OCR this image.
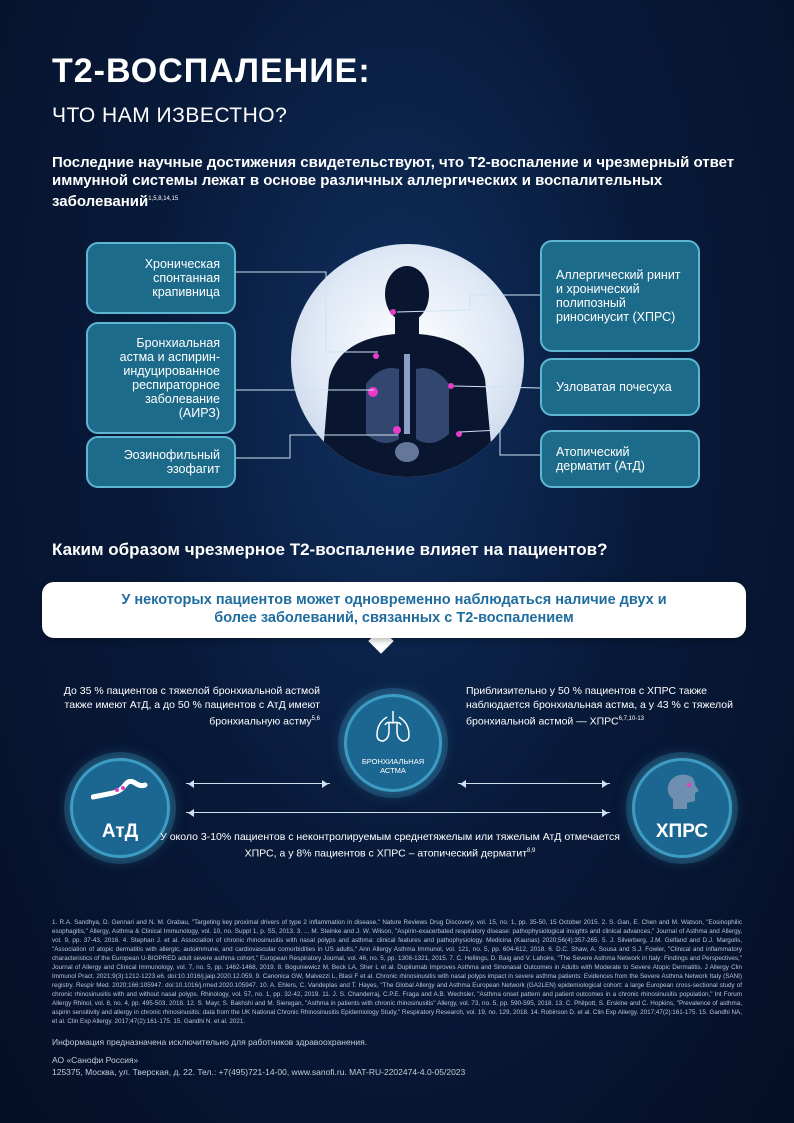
Т2-ВОСПАЛЕНИЕ:
ЧТО НАМ ИЗВЕСТНО?
Последние научные достижения свидетельствуют, что Т2-воспаление и чрезмерный ответ иммунной системы лежат в основе различных аллергических и воспалительных заболеваний$^{1,5,8,14,15}$
Хроническая спонтанная крапивница
Бронхиальная астма и аспирин-индуцированное респираторное заболевание (АИРЗ)
Эозинофильный эзофагит
Аллергический ринит и хронический полипозный риносинусит (ХПРС)
Узловатая почесуха
Атопический дерматит (АтД)
Каким образом чрезмерное Т2-воспаление влияет на пациентов?
У некоторых пациентов может одновременно наблюдаться наличие двух и более заболеваний, связанных с Т2-воспалением
До 35 % пациентов с тяжелой бронхиальной астмой также имеют АтД, а до 50 % пациентов с АтД имеют бронхиальную астму$^{5,6}$
Приблизительно у 50 % пациентов с ХПРС также наблюдается бронхиальная астма, а у 43 % с тяжелой бронхиальной астмой — ХПРС$^{6,7,10-13}$
БРОНХИАЛЬНАЯ АСТМА
АтД	ХПРС
У около 3-10% пациентов с неконтролируемым среднетяжелым или тяжелым АтД отмечается ХПРС, а у 8% пациентов с ХПРС – атопический дерматит$^{8,9}$
1. R.A. Sandhya, D. Gennari and N. M. Grabau, "Targeting key proximal drivers of type 2 inflammation in disease," Nature Reviews Drug Discovery, vol. 15, no. 1, pp. 35-50, 15 October 2015. 2. S. Gan, E. Chen and M. Watson, "Eosinophilic esophagitis," Allergy, Asthma & Clinical Immunology, vol. 10, no. Suppl 1, p. S5, 2013. 3. ... M. Steinke and J. W. Wilson, "Aspirin-exacerbated respiratory disease: pathophysiological insights and clinical advances," Journal of Asthma and Allergy, vol. 9, pp. 37-43, 2016. 4. Stephan J. et al. Association of chronic rhinosinusitis with nasal polyps and asthma: clinical features and pathophysiology. Medicina (Kaunas) 2020;56(4):357-265. 5. J. Silverberg, J.M. Gelfand and D.J. Margolis, "Association of atopic dermatitis with allergic, autoimmune, and cardiovascular comorbidities in US adults," Ann Allergy Asthma Immunol, vol. 121, no. 5, pp. 604-612, 2018. 6. D.C. Shaw, A. Sousa and S.J. Fowler, "Clinical and inflammatory characteristics of the European U-BIOPRED adult severe asthma cohort," European Respiratory Journal, vol. 46, no. 5, pp. 1308-1321, 2015. 7. C. Hellings, D. Baig and V. Lahoire, "The Severe Asthma Network in Italy: Findings and Perspectives," Journal of Allergy and Clinical Immunology, vol. 7, no. 5, pp. 1462-1468, 2019. 8. Boguniewicz M, Beck LA, Sher L et al. Dupilumab Improves Asthma and Sinonasal Outcomes in Adults with Moderate to Severe Atopic Dermatitis. J Allergy Clin Immunol Pract. 2021;9(3):1212-1223.e6. doi:10.1016/j.jaip.2020.12.059. 9. Canonica GW, Malvezzi L, Blasi F et al. Chronic rhinosinusitis with nasal polyps impact in severe asthma patients: Evidences from the Severe Asthma Network Italy (SANI) registry. Respir Med. 2020;166:105947. doi:10.1016/j.rmed.2020.105947. 10. A. Ehlers, C. Vandeplas and T. Hayes, "The Global Allergy and Asthma European Network (GA2LEN) epidemiological cohort: a large European cross-sectional study of chronic rhinosinusitis with and without nasal polyps. Rhinology, vol. 57, no. 1, pp. 32-42, 2019. 11. J. S. Chanderraj, C.P.E. Fraga and A.B. Wechsler, "Asthma onset pattern and patient outcomes in a chronic rhinosinusitis population," Int Forum Allergy Rhinol, vol. 8, no. 4, pp. 495-503, 2018. 12. S. Mayr, S. Bakhshi and M. Sieregan, "Asthma in patients with chronic rhinosinusitis" Allergy, vol. 73, no. 5, pp. 590-595, 2018. 13. C. Philpott, S. Erskine and C. Hopkins, "Prevalence of asthma, aspirin sensitivity and allergy in chronic rhinosinusitis: data from the UK National Chronic Rhinosinusitis Epidemiology Study," Respiratory Research, vol. 19, no. 129, 2018. 14. Robinson D. et al. Clin Exp Allergy. 2017;47(2):161-175. 15. Gandhi NA, et al. Clin Exp Allergy. 2017;47(2):161-175. 15. Gandhi N. et al. 2021.
Информация предназначена исключительно для работников здравоохранения.
АО «Санофи Россия»
125375, Москва, ул. Тверская, д. 22. Тел.: +7(495)721-14-00, www.sanofi.ru. MAT-RU-2202474-4.0-05/2023
